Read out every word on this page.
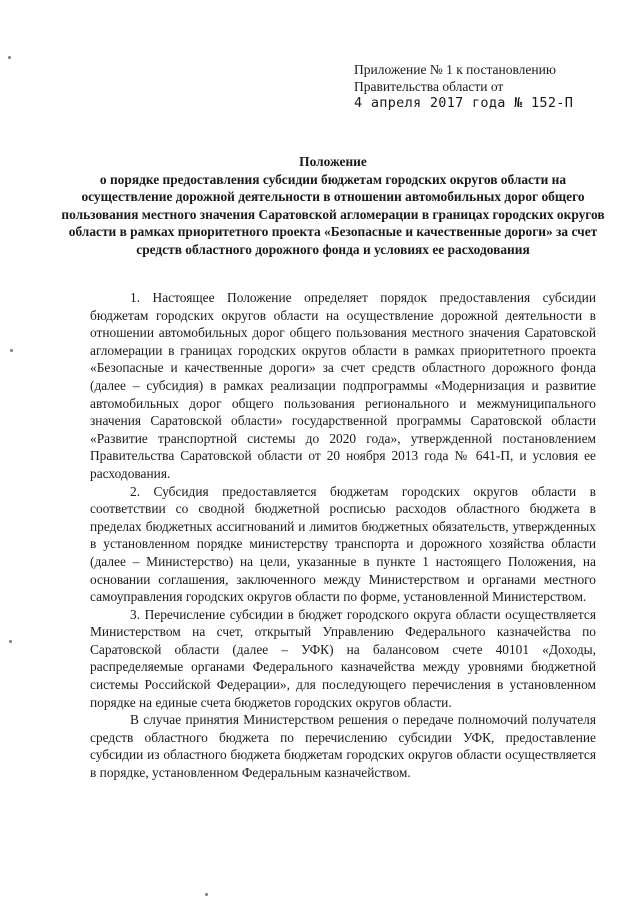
Приложение № 1 к постановлению
Правительства области от
4 апреля 2017 года № 152-П
Положение
о порядке предоставления субсидии бюджетам городских округов области на осуществление дорожной деятельности в отношении автомобильных дорог общего пользования местного значения Саратовской агломерации в границах городских округов области в рамках приоритетного проекта «Безопасные и качественные дороги» за счет средств областного дорожного фонда и условиях ее расходования

1. Настоящее Положение определяет порядок предоставления субсидии бюджетам городских округов области на осуществление дорожной деятельности в отношении автомобильных дорог общего пользования местного значения Саратовской агломерации в границах городских округов области в рамках приоритетного проекта «Безопасные и качественные дороги» за счет средств областного дорожного фонда (далее – субсидия) в рамках реализации подпрограммы «Модернизация и развитие автомобильных дорог общего пользования регионального и межмуниципального значения Саратовской области» государственной программы Саратовской области «Развитие транспортной системы до 2020 года», утвержденной постановлением Правительства Саратовской области от 20 ноября 2013 года № 641-П, и условия ее расходования.

2. Субсидия предоставляется бюджетам городских округов области в соответствии со сводной бюджетной росписью расходов областного бюджета в пределах бюджетных ассигнований и лимитов бюджетных обязательств, утвержденных в установленном порядке министерству транспорта и дорожного хозяйства области (далее – Министерство) на цели, указанные в пункте 1 настоящего Положения, на основании соглашения, заключенного между Министерством и органами местного самоуправления городских округов области по форме, установленной Министерством.

3. Перечисление субсидии в бюджет городского округа области осуществляется Министерством на счет, открытый Управлению Федерального казначейства по Саратовской области (далее – УФК) на балансовом счете 40101 «Доходы, распределяемые органами Федерального казначейства между уровнями бюджетной системы Российской Федерации», для последующего перечисления в установленном порядке на единые счета бюджетов городских округов области.

В случае принятия Министерством решения о передаче полномочий получателя средств областного бюджета по перечислению субсидии УФК, предоставление субсидии из областного бюджета бюджетам городских округов области осуществляется в порядке, установленном Федеральным казначейством.
